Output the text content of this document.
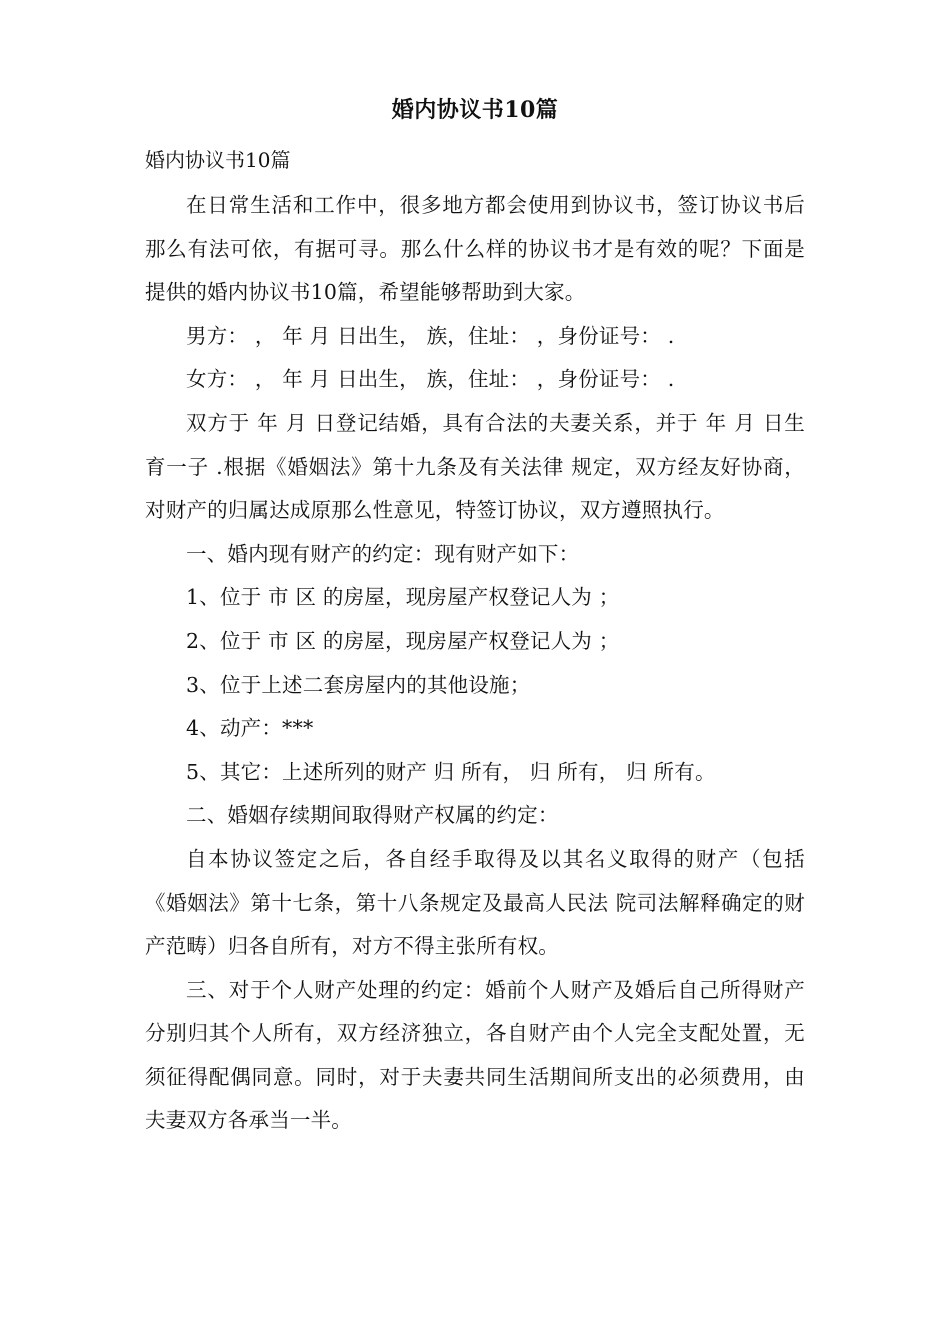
婚内协议书10篇
婚内协议书10篇

在日常生活和工作中，很多地方都会使用到协议书，签订协议书后那么有法可依，有据可寻。那么什么样的协议书才是有效的呢？下面是提供的婚内协议书10篇，希望能够帮助到大家。

男方： ， 年 月 日出生， 族，住址： ，身份证号： .

女方： ， 年 月 日出生， 族，住址： ，身份证号： .

双方于 年 月 日登记结婚，具有合法的夫妻关系，并于 年 月 日生育一子 .根据《婚姻法》第十九条及有关法律 规定，双方经友好协商，对财产的归属达成原那么性意见，特签订协议，双方遵照执行。

一、婚内现有财产的约定：现有财产如下：

1、位于 市 区 的房屋，现房屋产权登记人为 ；

2、位于 市 区 的房屋，现房屋产权登记人为 ；

3、位于上述二套房屋内的其他设施；

4、动产：***

5、其它：上述所列的财产 归 所有， 归 所有， 归 所有。

二、婚姻存续期间取得财产权属的约定：

自本协议签定之后，各自经手取得及以其名义取得的财产（包括《婚姻法》第十七条，第十八条规定及最高人民法 院司法解释确定的财产范畴）归各自所有，对方不得主张所有权。

三、对于个人财产处理的约定：婚前个人财产及婚后自己所得财产分别归其个人所有，双方经济独立，各自财产由个人完全支配处置，无须征得配偶同意。同时，对于夫妻共同生活期间所支出的必须费用，由夫妻双方各承当一半。
